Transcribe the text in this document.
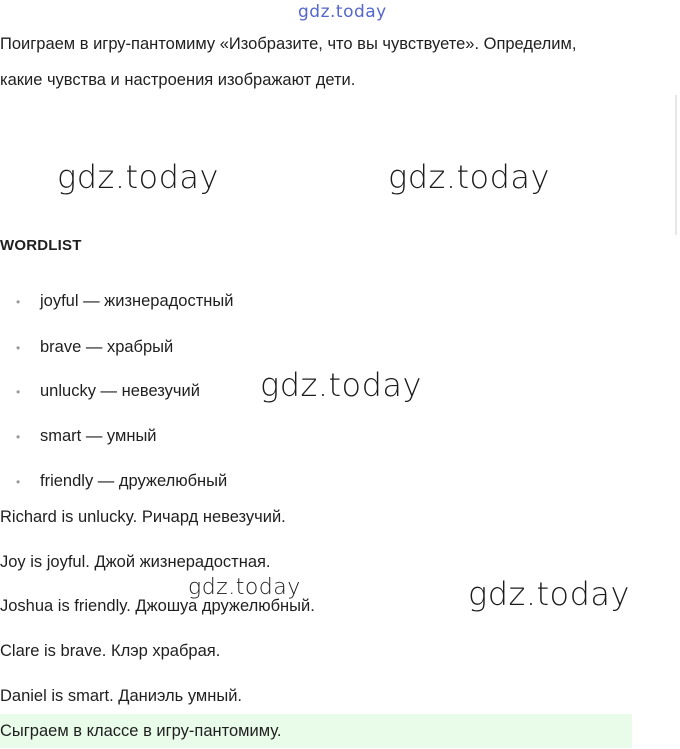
gdz.today
Поиграем в игру-пантомиму «Изобразите, что вы чувствуете». Определим,
какие чувства и настроения изображают дети.
gdz.today	gdz.today
WORDLIST
• joyful — жизнерадостный
• brave — храбрый
• unlucky — невезучий
• smart — умный
• friendly — дружелюбный
gdz.today
Richard is unlucky. Ричард невезучий.
Joy is joyful. Джой жизнерадостная.
Joshua is friendly. Джошуа дружелюбный.
Clare is brave. Клэр храбрая.
Daniel is smart. Даниэль умный.
gdz.today	gdz.today
Сыграем в классе в игру-пантомиму.
